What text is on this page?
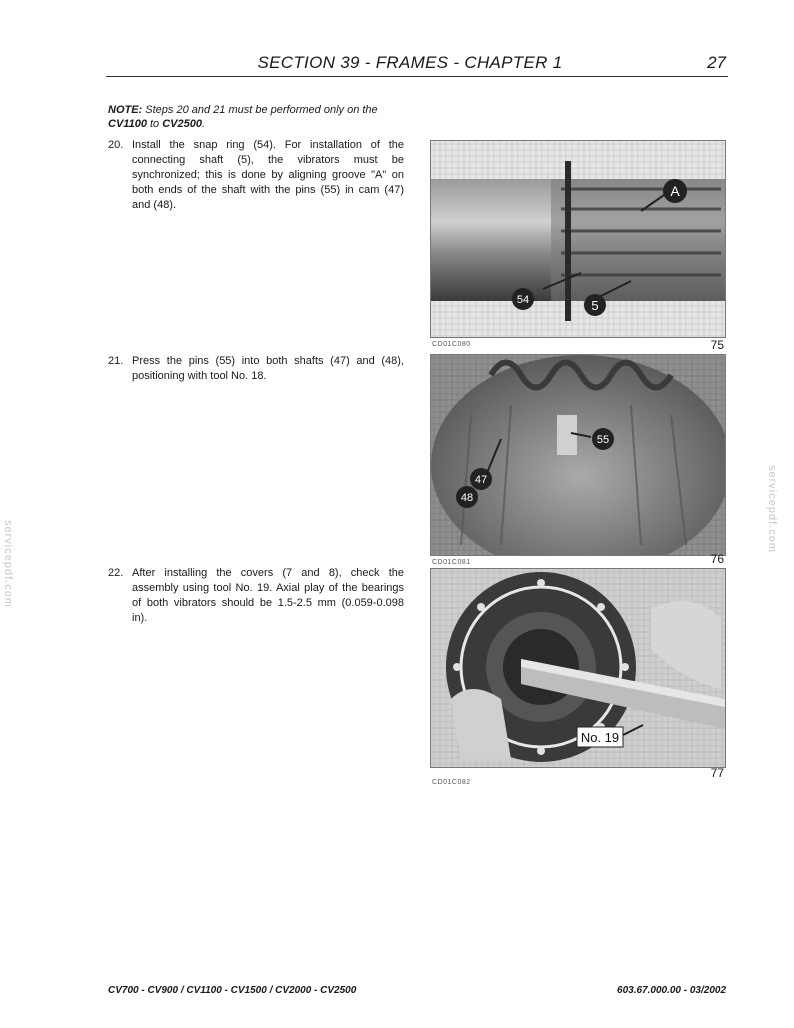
SECTION 39 - FRAMES - CHAPTER 1	27
NOTE: Steps 20 and 21 must be performed only on the CV1100 to CV2500.
20. Install the snap ring (54). For installation of the connecting shaft (5), the vibrators must be synchronized; this is done by aligning groove "A" on both ends of the shaft with the pins (55) in cam (47) and (48).
21. Press the pins (55) into both shafts (47) and (48), positioning with tool No. 18.
22. After installing the covers (7 and 8), check the assembly using tool No. 19. Axial play of the bearings of both vibrators should be 1.5-2.5 mm (0.059-0.098 in).
A
54	5
CD01C080	75
55
47
48
CD01C081	76
No. 19
CD01C082
77
servicepdf.com
servicepdf.com
CV700 - CV900 / CV1100 - CV1500 / CV2000 - CV2500	603.67.000.00 - 03/2002
